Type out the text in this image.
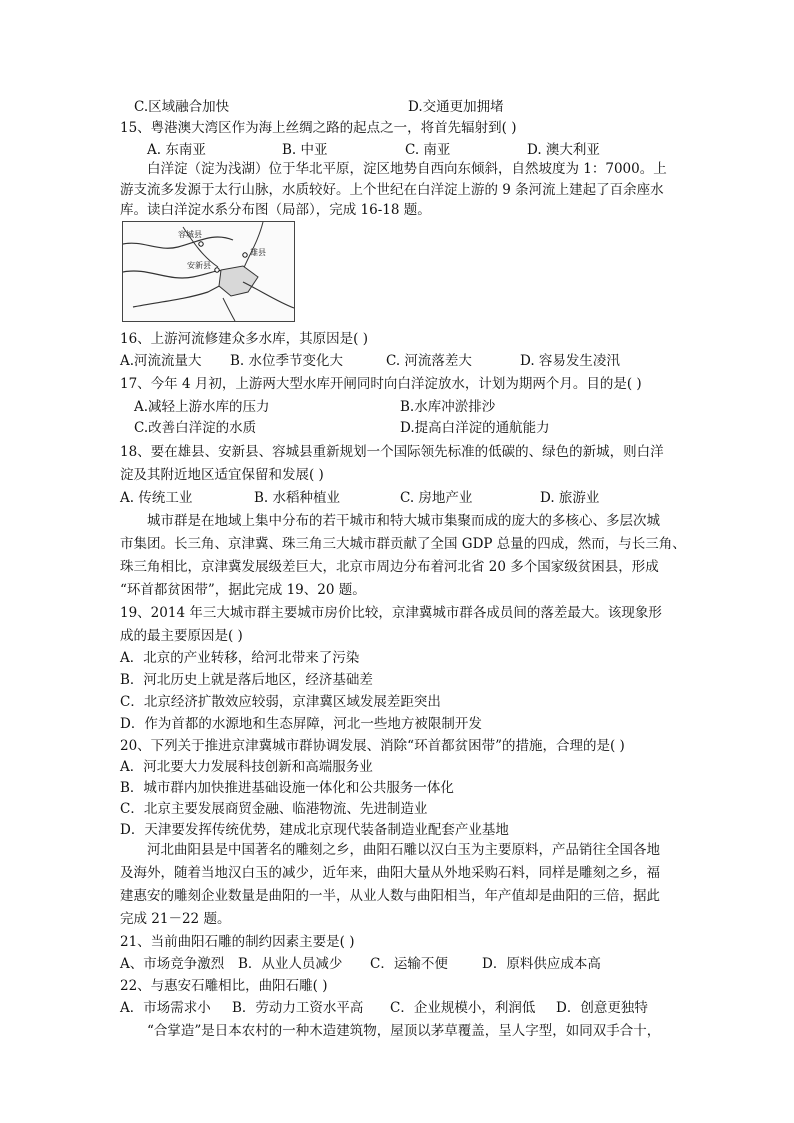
C.区域融合加快	D.交通更加拥堵
15、粤港澳大湾区作为海上丝绸之路的起点之一，将首先辐射到( )
A. 东南亚	B. 中亚	C. 南亚	D. 澳大利亚
白洋淀（淀为浅湖）位于华北平原，淀区地势自西向东倾斜，自然坡度为 1：7000。上
游支流多发源于太行山脉，水质较好。上个世纪在白洋淀上游的 9 条河流上建起了百余座水
库。读白洋淀水系分布图（局部），完成 16-18 题。
容城县
雄县
安新县
16、上游河流修建众多水库，其原因是( )
A.河流流量大 B. 水位季节变化大	C. 河流落差大	D. 容易发生凌汛
17、今年 4 月初，上游两大型水库开闸同时向白洋淀放水，计划为期两个月。目的是( )
A.减轻上游水库的压力	B.水库冲淤排沙
C.改善白洋淀的水质	D.提高白洋淀的通航能力
18、要在雄县、安新县、容城县重新规划一个国际领先标准的低碳的、绿色的新城，则白洋
淀及其附近地区适宜保留和发展( )
A. 传统工业	B. 水稻种植业	C. 房地产业	D. 旅游业
城市群是在地域上集中分布的若干城市和特大城市集聚而成的庞大的多核心、多层次城
市集团。长三角、京津冀、珠三角三大城市群贡献了全国 GDP 总量的四成，然而，与长三角、
珠三角相比，京津冀发展级差巨大，北京市周边分布着河北省 20 多个国家级贫困县，形成
“环首都贫困带”，据此完成 19、20 题。
19、2014 年三大城市群主要城市房价比较，京津冀城市群各成员间的落差最大。该现象形
成的最主要原因是( )
A．北京的产业转移，给河北带来了污染
B．河北历史上就是落后地区，经济基础差
C．北京经济扩散效应较弱，京津冀区域发展差距突出
D．作为首都的水源地和生态屏障，河北一些地方被限制开发
20、下列关于推进京津冀城市群协调发展、消除“环首都贫困带”的措施，合理的是( )
A．河北要大力发展科技创新和高端服务业
B．城市群内加快推进基础设施一体化和公共服务一体化
C．北京主要发展商贸金融、临港物流、先进制造业
D．天津要发挥传统优势，建成北京现代装备制造业配套产业基地
河北曲阳县是中国著名的雕刻之乡，曲阳石雕以汉白玉为主要原料，产品销往全国各地
及海外，随着当地汉白玉的减少，近年来，曲阳大量从外地采购石料，同样是雕刻之乡，福
建惠安的雕刻企业数量是曲阳的一半，从业人数与曲阳相当，年产值却是曲阳的三倍，据此
完成 21－22 题。
21、当前曲阳石雕的制约因素主要是( )
A、市场竞争激烈 B．从业人员减少 C．运输不便	D．原料供应成本高
22、与惠安石雕相比，曲阳石雕( )
A．市场需求小 B．劳动力工资水平高 C．企业规模小，利润低 D．创意更独特
“合掌造”是日本农村的一种木造建筑物，屋顶以茅草覆盖，呈人字型，如同双手合十，
